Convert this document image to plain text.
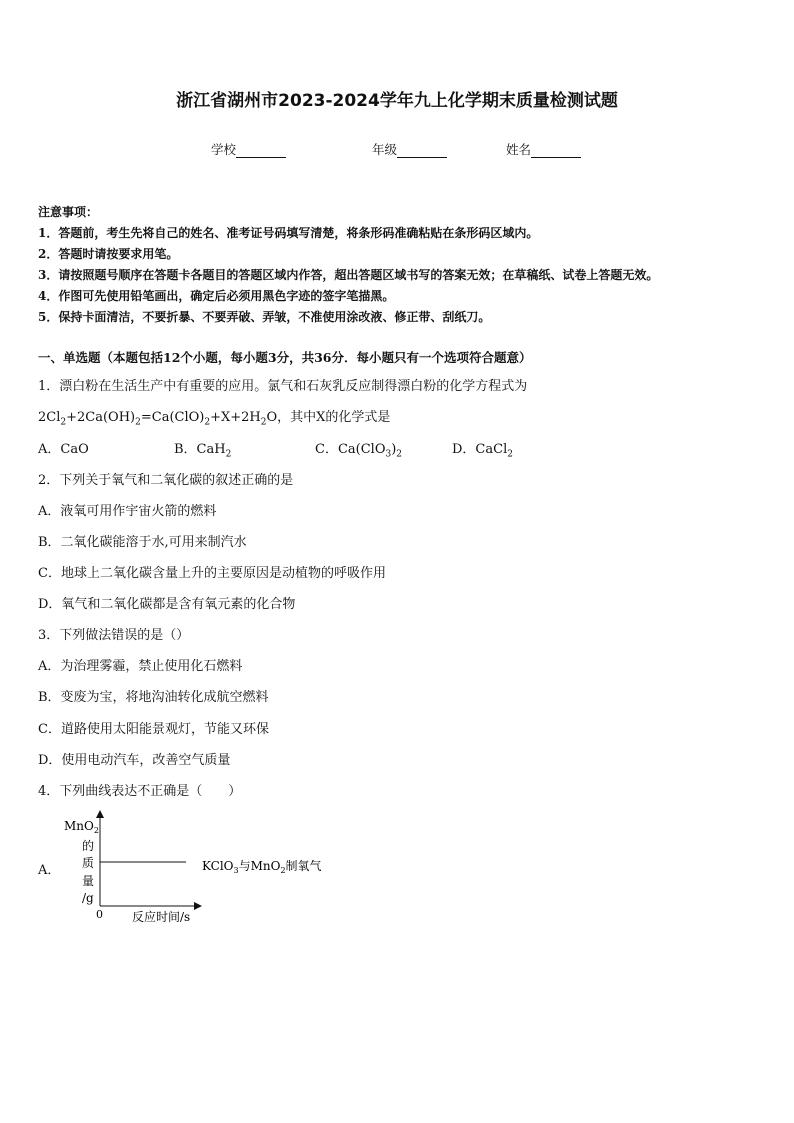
浙江省湖州市2023-2024学年九上化学期末质量检测试题
学校	年级	姓名
注意事项：
1．答题前，考生先将自己的姓名、准考证号码填写清楚，将条形码准确粘贴在条形码区域内。
2．答题时请按要求用笔。
3．请按照题号顺序在答题卡各题目的答题区域内作答，超出答题区域书写的答案无效；在草稿纸、试卷上答题无效。
4．作图可先使用铅笔画出，确定后必须用黑色字迹的签字笔描黑。
5．保持卡面清洁，不要折暴、不要弄破、弄皱，不准使用涂改液、修正带、刮纸刀。
一、单选题（本题包括12个小题，每小题3分，共36分．每小题只有一个选项符合题意）
1．漂白粉在生活生产中有重要的应用。氯气和石灰乳反应制得漂白粉的化学方程式为
$2Cl_2+2Ca(OH)_2=Ca(ClO)_2+X+2H_2O$，其中X的化学式是
A．CaO	B．CaH$_2$	C．$Ca(ClO_3)_2$	D．CaCl$_2$
2．下列关于氧气和二氧化碳的叙述正确的是
A．液氧可用作宇宙火箭的燃料
B．二氧化碳能溶于水,可用来制汽水
C．地球上二氧化碳含量上升的主要原因是动植物的呼吸作用
D．氧气和二氧化碳都是含有氧元素的化合物
3．下列做法错误的是（）
A．为治理雾霾，禁止使用化石燃料
B．变废为宝，将地沟油转化成航空燃料
C．道路使用太阳能景观灯，节能又环保
D．使用电动汽车，改善空气质量
4．下列曲线表达不正确是（　　）
A．
MnO$_2$
的
质
量
/g
0 反应时间/s
KClO$_3$与MnO$_2$制氧气
